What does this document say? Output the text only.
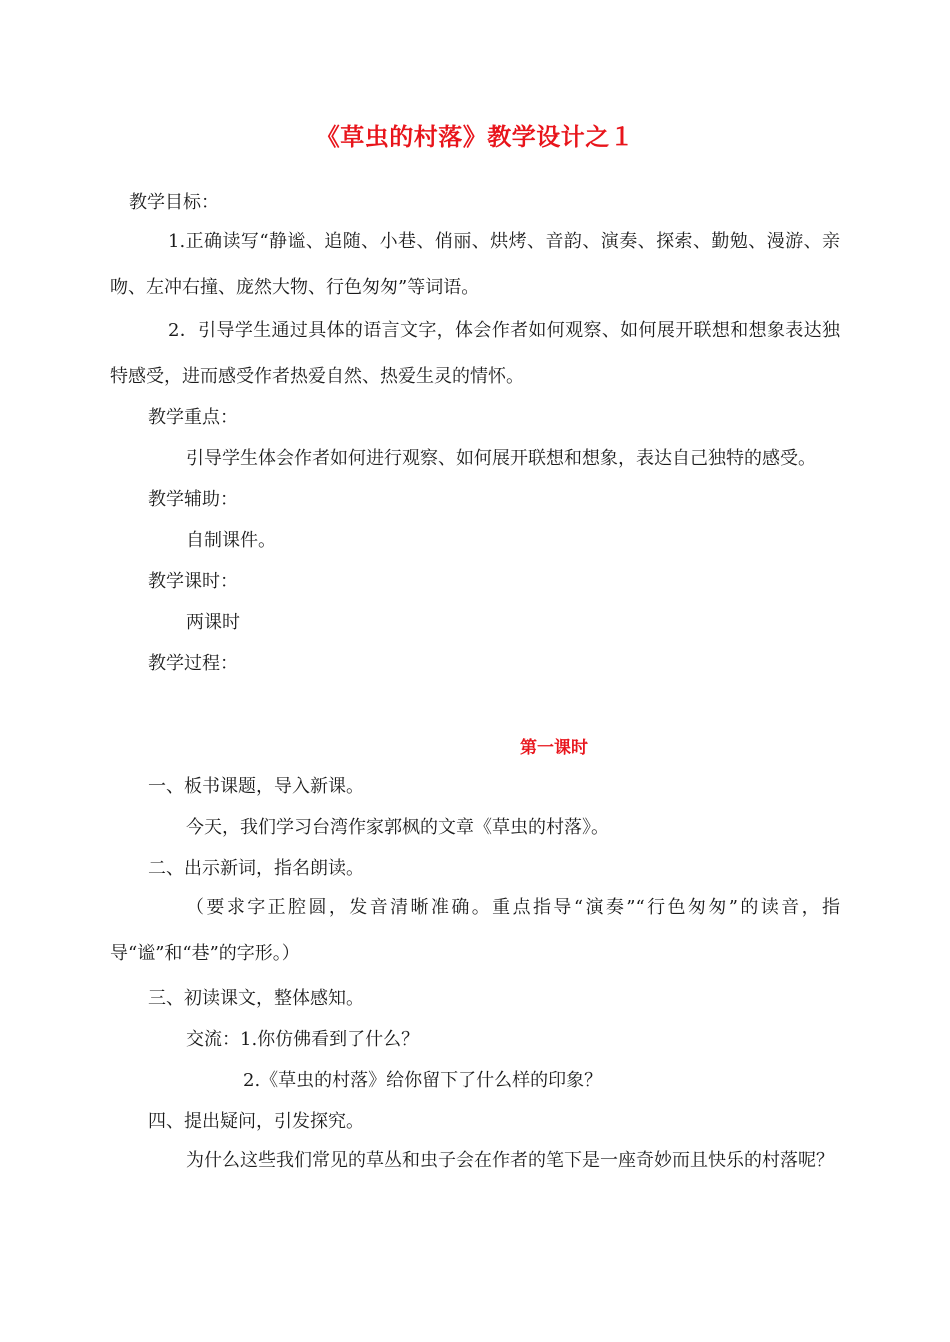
《草虫的村落》教学设计之１
教学目标：
1.正确读写“静谧、追随、小巷、俏丽、烘烤、音韵、演奏、探索、勤勉、漫游、亲吻、左冲右撞、庞然大物、行色匆匆”等词语。
2．引导学生通过具体的语言文字，体会作者如何观察、如何展开联想和想象表达独特感受，进而感受作者热爱自然、热爱生灵的情怀。
教学重点：
引导学生体会作者如何进行观察、如何展开联想和想象，表达自己独特的感受。
教学辅助：
自制课件。
教学课时：
两课时
教学过程：
第一课时
一、板书课题，导入新课。
今天，我们学习台湾作家郭枫的文章《草虫的村落》。
二、出示新词，指名朗读。
（要求字正腔圆，发音清晰准确。重点指导“演奏”“行色匆匆”的读音，指导“谧”和“巷”的字形。）
三、初读课文，整体感知。
交流：1.你仿佛看到了什么？
2.《草虫的村落》给你留下了什么样的印象？
四、提出疑问，引发探究。
为什么这些我们常见的草丛和虫子会在作者的笔下是一座奇妙而且快乐的村落呢？
